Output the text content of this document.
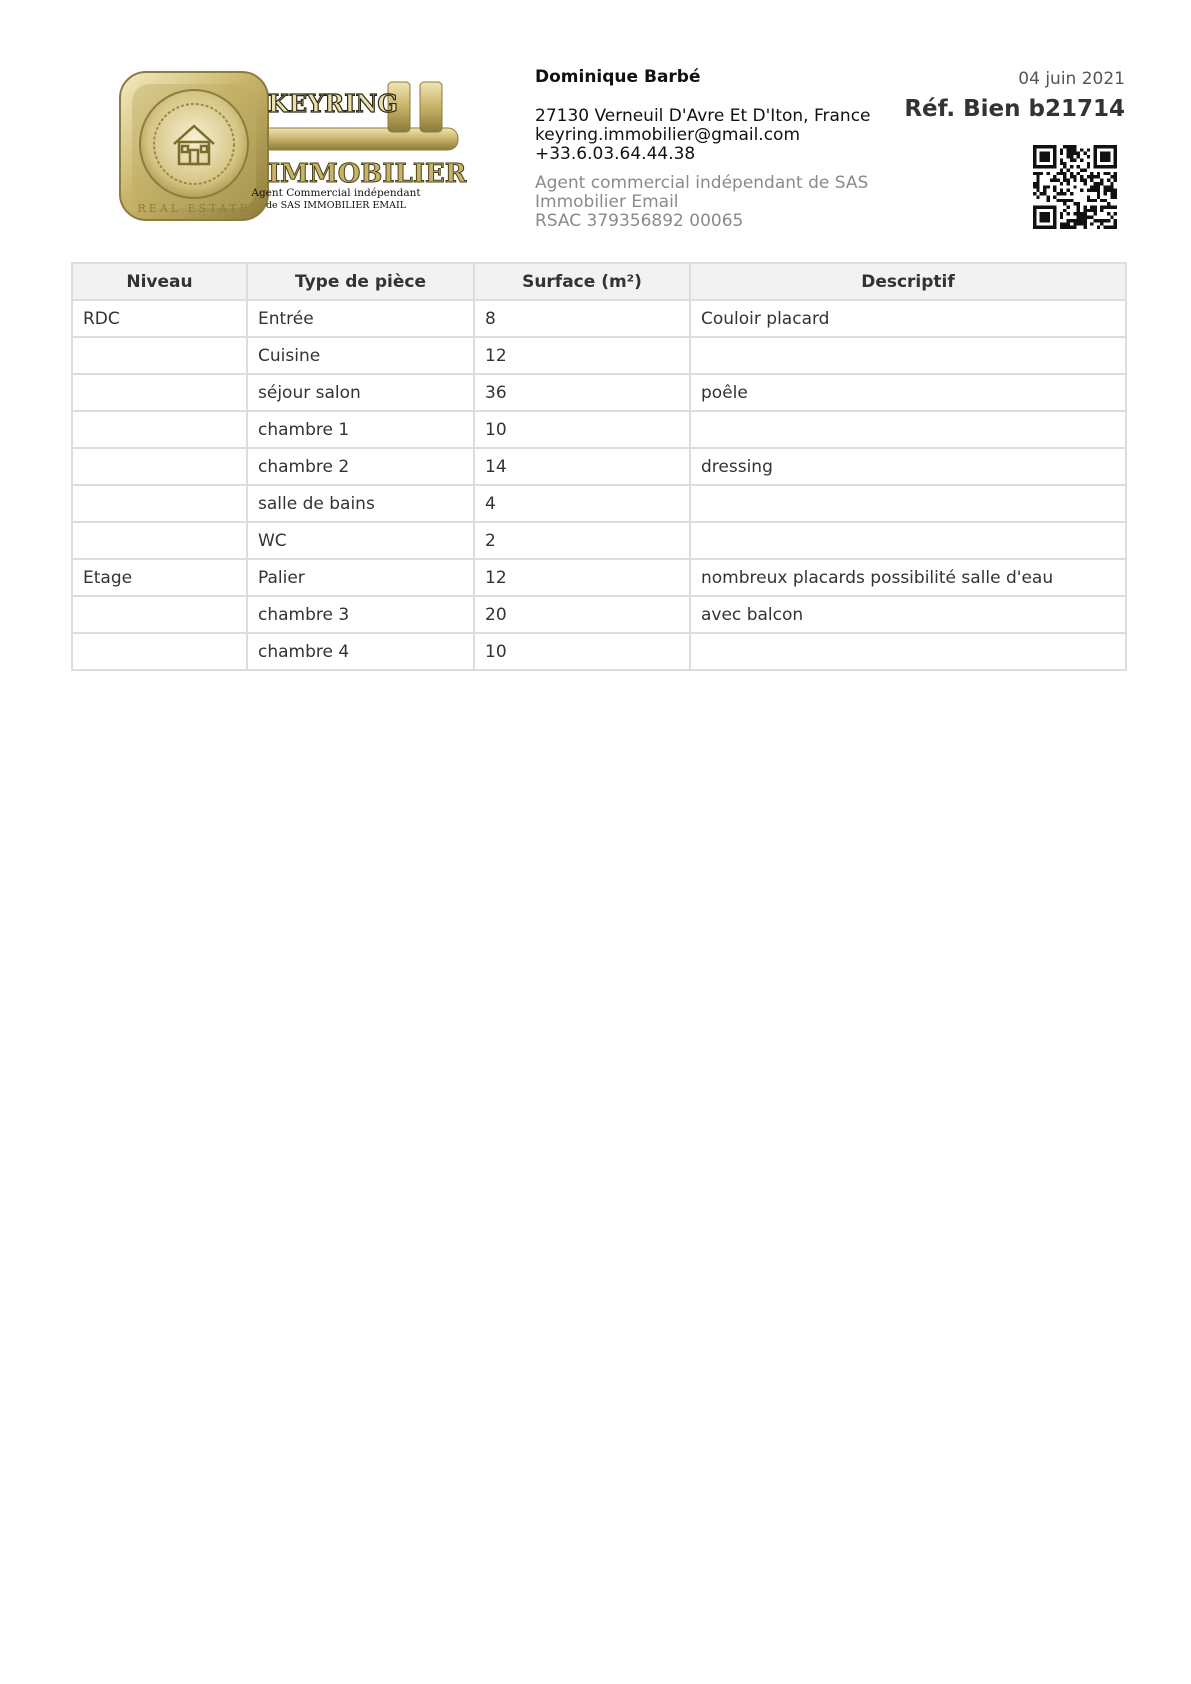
REAL ESTATE
KEYRING
IMMOBILIER
Agent Commercial indépendant
de SAS IMMOBILIER EMAIL
Dominique Barbé
27130 Verneuil D'Avre Et D'Iton, France
keyring.immobilier@gmail.com
+33.6.03.64.44.38
Agent commercial indépendant de SAS
Immobilier Email
RSAC 379356892 00065
04 juin 2021
Réf. Bien b21714
Niveau	Type de pièce	Surface (m²)	Descriptif
RDC	Entrée	8	Couloir placard
	Cuisine	12	
	séjour salon	36	poêle
	chambre 1	10	
	chambre 2	14	dressing
	salle de bains	4	
	WC	2	
Etage	Palier	12	nombreux placards possibilité salle d'eau
	chambre 3	20	avec balcon
	chambre 4	10	
